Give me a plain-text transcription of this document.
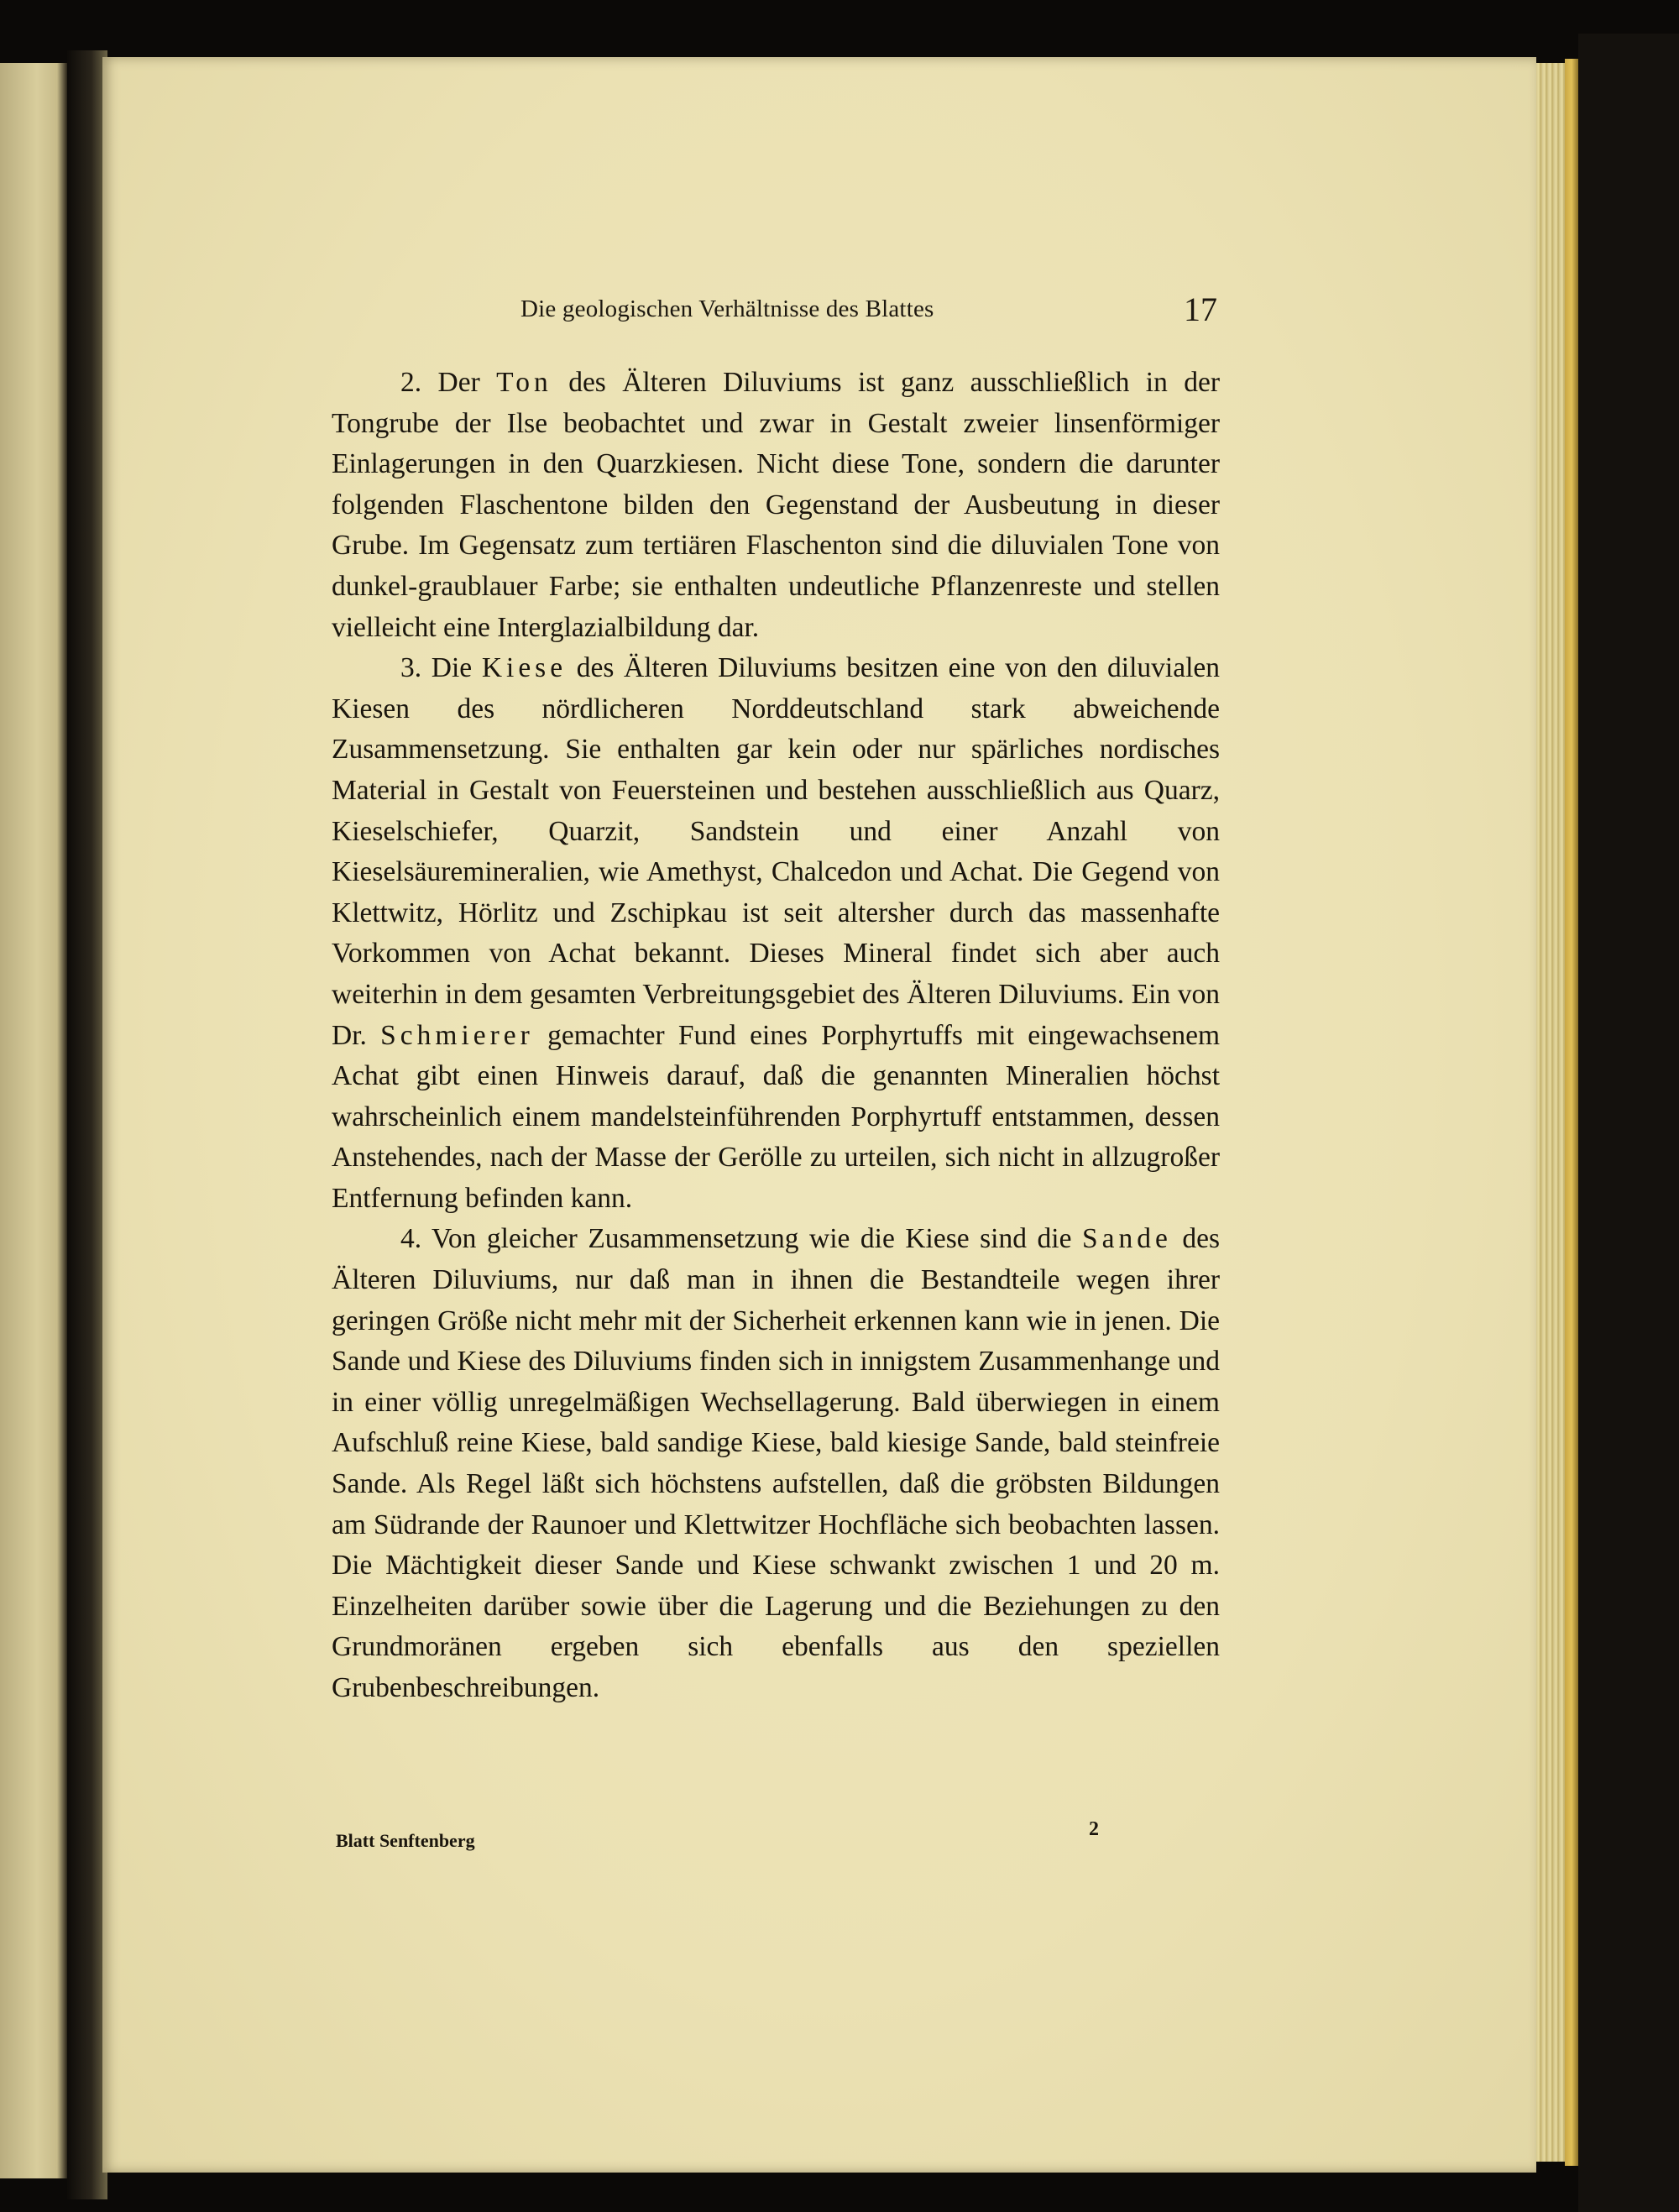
Die geologischen Verhältnisse des Blattes	17

2. Der Ton des Älteren Diluviums ist ganz ausschließlich in der Tongrube der Ilse beobachtet und zwar in Gestalt zweier linsenförmiger Einlagerungen in den Quarzkiesen. Nicht diese Tone, sondern die darunter folgenden Flaschentone bilden den Gegenstand der Ausbeutung in dieser Grube. Im Gegensatz zum tertiären Flaschenton sind die diluvialen Tone von dunkel-graublauer Farbe; sie enthalten undeutliche Pflanzenreste und stellen vielleicht eine Interglazialbildung dar.

3. Die Kiese des Älteren Diluviums besitzen eine von den diluvialen Kiesen des nördlicheren Norddeutschland stark abweichende Zusammensetzung. Sie enthalten gar kein oder nur spärliches nordisches Material in Gestalt von Feuersteinen und bestehen ausschließlich aus Quarz, Kieselschiefer, Quarzit, Sandstein und einer Anzahl von Kieselsäuremineralien, wie Amethyst, Chalcedon und Achat. Die Gegend von Klettwitz, Hörlitz und Zschipkau ist seit altersher durch das massenhafte Vorkommen von Achat bekannt. Dieses Mineral findet sich aber auch weiterhin in dem gesamten Verbreitungsgebiet des Älteren Diluviums. Ein von Dr. Schmierer gemachter Fund eines Porphyrtuffs mit eingewachsenem Achat gibt einen Hinweis darauf, daß die genannten Mineralien höchst wahrscheinlich einem mandelsteinführenden Porphyrtuff entstammen, dessen Anstehendes, nach der Masse der Gerölle zu urteilen, sich nicht in allzugroßer Entfernung befinden kann.

4. Von gleicher Zusammensetzung wie die Kiese sind die Sande des Älteren Diluviums, nur daß man in ihnen die Bestandteile wegen ihrer geringen Größe nicht mehr mit der Sicherheit erkennen kann wie in jenen. Die Sande und Kiese des Diluviums finden sich in innigstem Zusammenhange und in einer völlig unregelmäßigen Wechsellagerung. Bald überwiegen in einem Aufschluß reine Kiese, bald sandige Kiese, bald kiesige Sande, bald steinfreie Sande. Als Regel läßt sich höchstens aufstellen, daß die gröbsten Bildungen am Südrande der Raunoer und Klettwitzer Hochfläche sich beobachten lassen. Die Mächtigkeit dieser Sande und Kiese schwankt zwischen 1 und 20 m. Einzelheiten darüber sowie über die Lagerung und die Beziehungen zu den Grundmoränen ergeben sich ebenfalls aus den speziellen Grubenbeschreibungen.

Blatt Senftenberg
2
